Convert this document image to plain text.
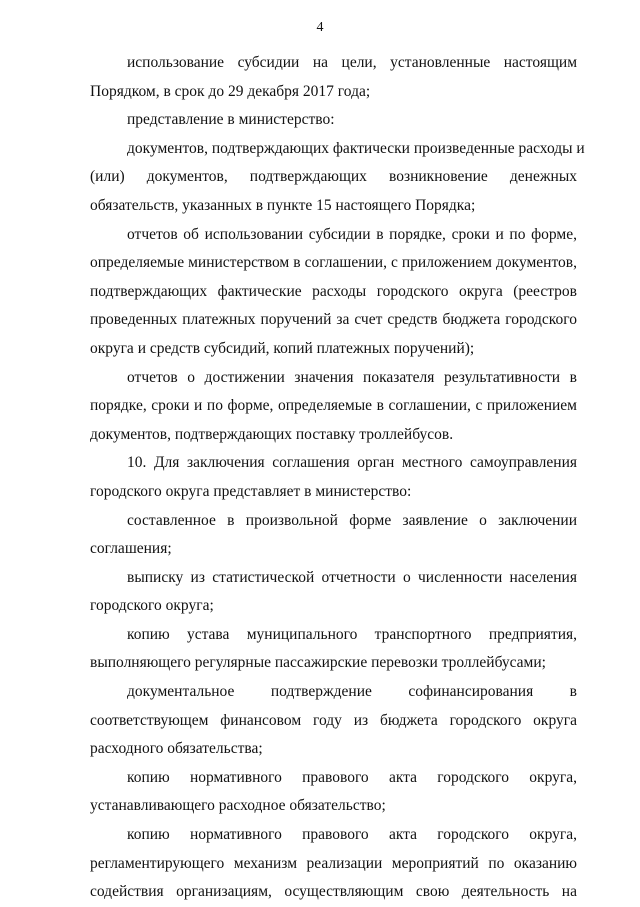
4
использование субсидии на цели, установленные настоящим
Порядком, в срок до 29 декабря 2017 года;
представление в министерство:
документов, подтверждающих фактически произведенные расходы и
(или) документов, подтверждающих возникновение денежных
обязательств, указанных в пункте 15 настоящего Порядка;
отчетов об использовании субсидии в порядке, сроки и по форме,
определяемые министерством в соглашении, с приложением документов,
подтверждающих фактические расходы городского округа (реестров
проведенных платежных поручений за счет средств бюджета городского
округа и средств субсидий, копий платежных поручений);
отчетов о достижении значения показателя результативности в
порядке, сроки и по форме, определяемые в соглашении, с приложением
документов, подтверждающих поставку троллейбусов.
10. Для заключения соглашения орган местного самоуправления
городского округа представляет в министерство:
составленное в произвольной форме заявление о заключении
соглашения;
выписку из статистической отчетности о численности населения
городского округа;
копию устава муниципального транспортного предприятия,
выполняющего регулярные пассажирские перевозки троллейбусами;
документальное подтверждение софинансирования в
соответствующем финансовом году из бюджета городского округа
расходного обязательства;
копию нормативного правового акта городского округа,
устанавливающего расходное обязательство;
копию нормативного правового акта городского округа,
регламентирующего механизм реализации мероприятий по оказанию
содействия организациям, осуществляющим свою деятельность на
